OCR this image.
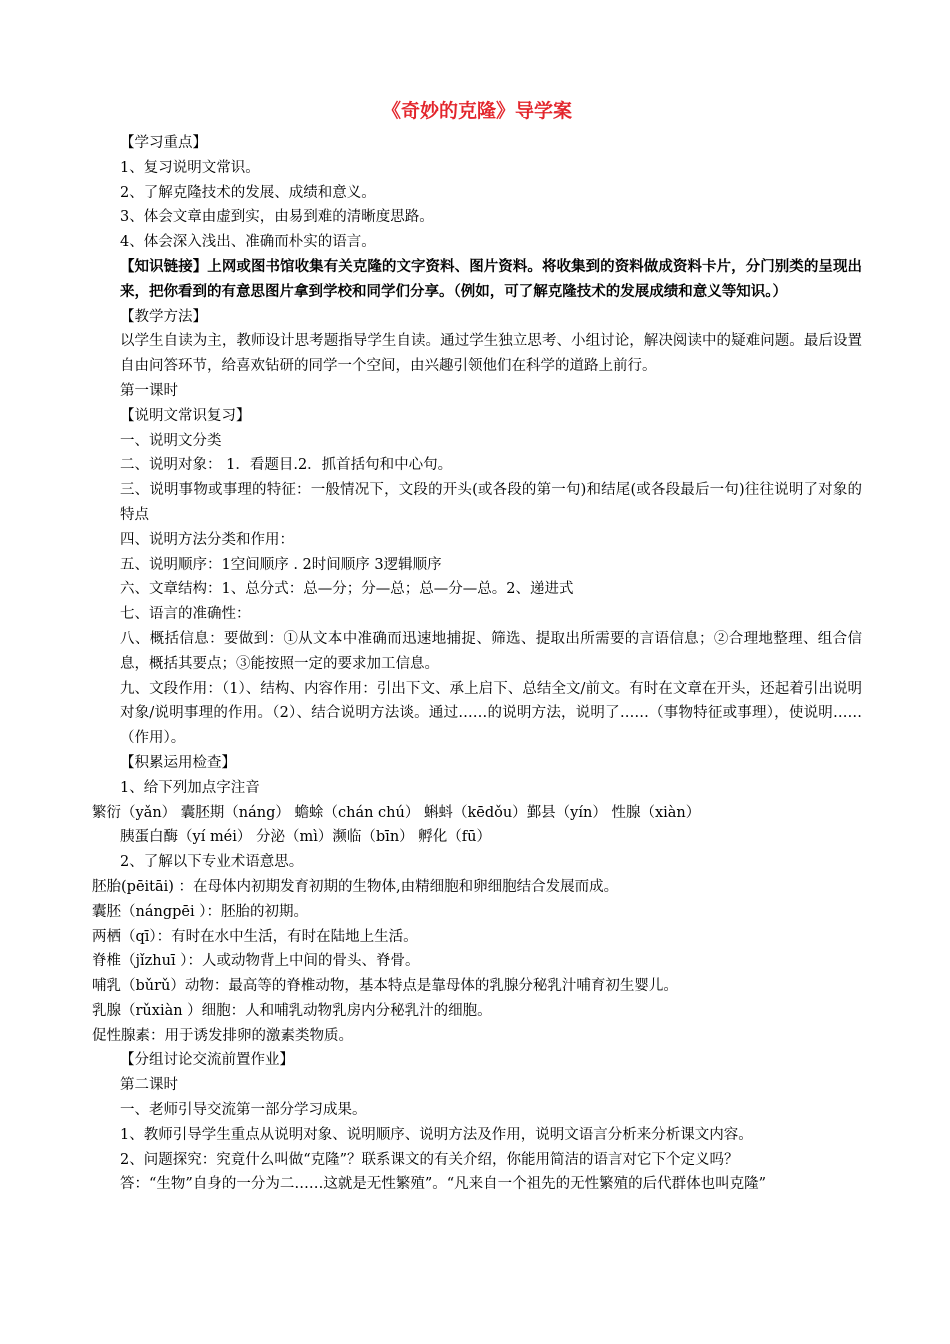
《奇妙的克隆》导学案
【学习重点】
1、复习说明文常识。
2、了解克隆技术的发展、成绩和意义。
3、体会文章由虚到实，由易到难的清晰度思路。
4、体会深入浅出、准确而朴实的语言。
【知识链接】上网或图书馆收集有关克隆的文字资料、图片资料。将收集到的资料做成资料卡片，分门别类的呈现出来，把你看到的有意思图片拿到学校和同学们分享。（例如，可了解克隆技术的发展成绩和意义等知识。）
【教学方法】
以学生自读为主，教师设计思考题指导学生自读。通过学生独立思考、小组讨论，解决阅读中的疑难问题。最后设置自由问答环节，给喜欢钻研的同学一个空间，由兴趣引领他们在科学的道路上前行。
第一课时
【说明文常识复习】
一、说明文分类
二、说明对象： 1．看题目.2．抓首括句和中心句。
三、说明事物或事理的特征：一般情况下，文段的开头(或各段的第一句)和结尾(或各段最后一句)往往说明了对象的特点
四、说明方法分类和作用：
五、说明顺序：1空间顺序 . 2时间顺序 3逻辑顺序
六、文章结构：1、总分式：总—分；分—总；总—分—总。2、递进式
七、语言的准确性：
八、概括信息：要做到：①从文本中准确而迅速地捕捉、筛选、提取出所需要的言语信息；②合理地整理、组合信息，概括其要点；③能按照一定的要求加工信息。
九、文段作用：（1）、结构、内容作用：引出下文、承上启下、总结全文/前文。有时在文章在开头，还起着引出说明对象/说明事理的作用。（2）、结合说明方法谈。通过……的说明方法，说明了……（事物特征或事理），使说明……（作用）。
【积累运用检查】
1、给下列加点字注音
繁衍（yǎn） 囊胚期（náng） 蟾蜍（chán chú） 蝌蚪（kēdǒu）鄞县（yín） 性腺（xiàn）
胰蛋白酶（yí méi） 分泌（mì）濒临（bīn） 孵化（fū）
2、了解以下专业术语意思。
胚胎(pēitāi) ：在母体内初期发育初期的生物体,由精细胞和卵细胞结合发展而成。
囊胚（nángpēi ）：胚胎的初期。
两栖（qī）：有时在水中生活，有时在陆地上生活。
脊椎（jǐzhuī ）：人或动物背上中间的骨头、脊骨。
哺乳（bǔrǔ）动物：最高等的脊椎动物，基本特点是靠母体的乳腺分秘乳汁哺育初生婴儿。
乳腺（rǔxiàn ）细胞：人和哺乳动物乳房内分秘乳汁的细胞。
促性腺素：用于诱发排卵的激素类物质。
【分组讨论交流前置作业】
第二课时
一、老师引导交流第一部分学习成果。
1、教师引导学生重点从说明对象、说明顺序、说明方法及作用，说明文语言分析来分析课文内容。
2、问题探究：究竟什么叫做“克隆”？联系课文的有关介绍，你能用简洁的语言对它下个定义吗？
答：“生物”自身的一分为二……这就是无性繁殖”。“凡来自一个祖先的无性繁殖的后代群体也叫克隆”
